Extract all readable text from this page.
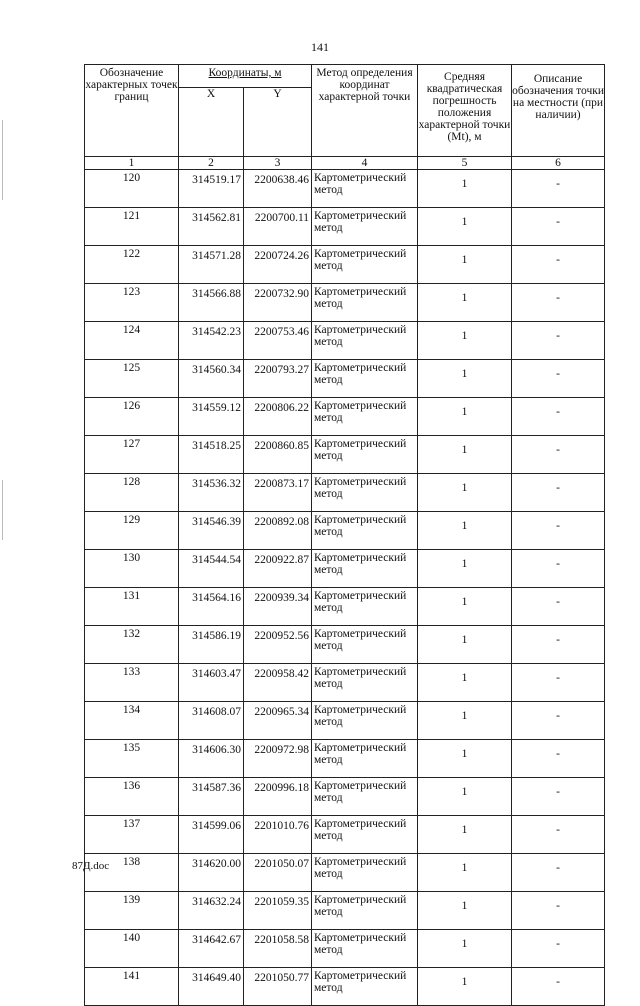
141
Обозначение характерных точек границ	Координаты, м		Метод определения координат характерной точки	Средняя квадратическая погрешность положения характерной точки (Mt), м	Описание обозначения точки на местности (при наличии)
	X	Y			
1	2	3	4	5	6
120	314519.17	2200638.46	Картометрический метод	1	-
121	314562.81	2200700.11	Картометрический метод	1	-
122	314571.28	2200724.26	Картометрический метод	1	-
123	314566.88	2200732.90	Картометрический метод	1	-
124	314542.23	2200753.46	Картометрический метод	1	-
125	314560.34	2200793.27	Картометрический метод	1	-
126	314559.12	2200806.22	Картометрический метод	1	-
127	314518.25	2200860.85	Картометрический метод	1	-
128	314536.32	2200873.17	Картометрический метод	1	-
129	314546.39	2200892.08	Картометрический метод	1	-
130	314544.54	2200922.87	Картометрический метод	1	-
131	314564.16	2200939.34	Картометрический метод	1	-
132	314586.19	2200952.56	Картометрический метод	1	-
133	314603.47	2200958.42	Картометрический метод	1	-
134	314608.07	2200965.34	Картометрический метод	1	-
135	314606.30	2200972.98	Картометрический метод	1	-
136	314587.36	2200996.18	Картометрический метод	1	-
137	314599.06	2201010.76	Картометрический метод	1	-
138	314620.00	2201050.07	Картометрический метод	1	-
139	314632.24	2201059.35	Картометрический метод	1	-
140	314642.67	2201058.58	Картометрический метод	1	-
141	314649.40	2201050.77	Картометрический метод	1	-
87Д.doc
